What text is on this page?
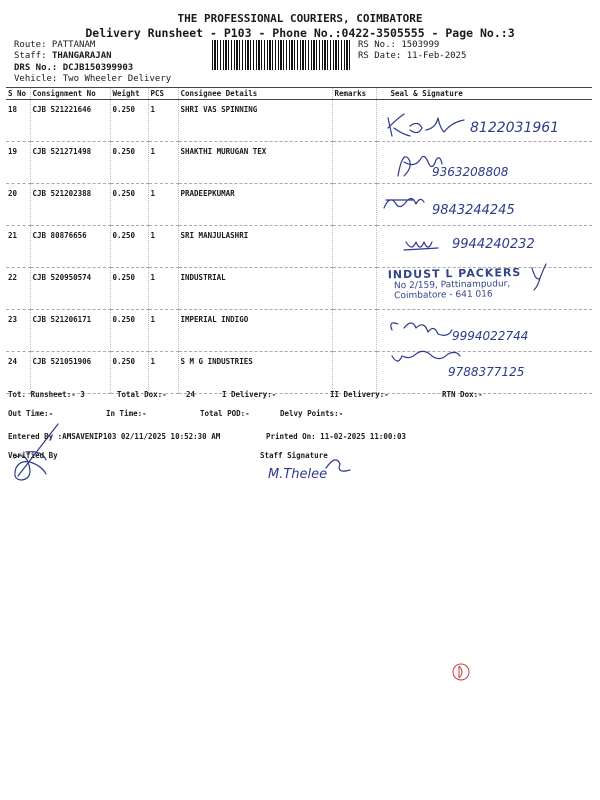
THE PROFESSIONAL COURIERS, COIMBATORE
Delivery Runsheet - P103 - Phone No.:0422-3505555 - Page No.:3
Route: PATTANAM
Staff: THANGARAJAN
DRS No.: DCJB150399903
Vehicle: Two Wheeler Delivery
RS No.: 1503999
RS Date: 11-Feb-2025
S No	Consignment No	Weight	PCS	Consignee Details	Remarks	Seal & Signature
18	CJB 521221646	0.250	1	SHRI VAS SPINNING		
19	CJB 521271498	0.250	1	SHAKTHI MURUGAN TEX		
20	CJB 521202388	0.250	1	PRADEEPKUMAR		
21	CJB 80876656	0.250	1	SRI MANJULASHRI		
22	CJB 520950574	0.250	1	INDUSTRIAL		
23	CJB 521206171	0.250	1	IMPERIAL INDIGO		
24	CJB 521051906	0.250	1	S M G INDUSTRIES		
8122031961
9363208808
9843244245
9944240232
9994022744
9788377125
M.Thelee
INDUST L PACKERS
No 2/159, Pattinampudur,
Coimbatore - 641 016
Tot. Runsheet:- 3	Total Dox:-	24	I Delivery:-	II Delivery:-	RTN Dox:-
Out Time:-	In Time:-	Total POD:-	Delvy Points:-
Entered By :AMSAVENIP103 02/11/2025 10:52:30 AM	Printed On: 11-02-2025 11:00:03
Verified By	Staff Signature
